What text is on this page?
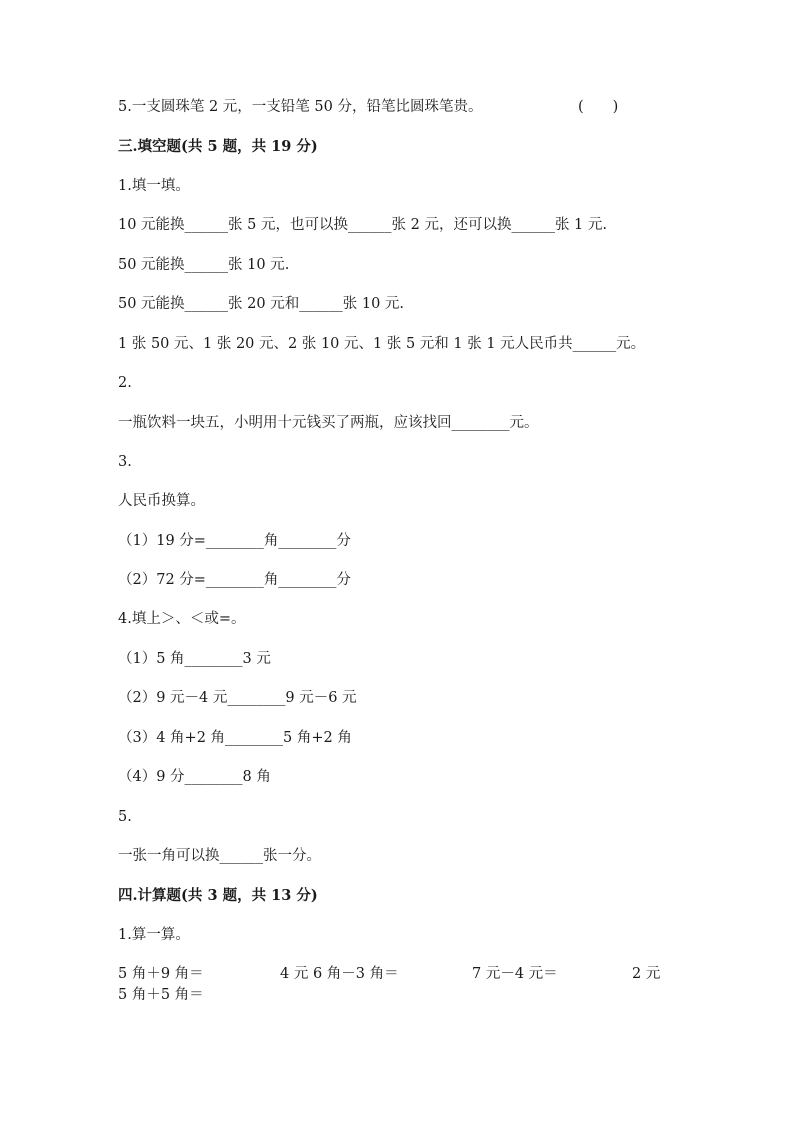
5.一支圆珠笔 2 元，一支铅笔 50 分，铅笔比圆珠笔贵。	(　　)
三.填空题(共 5 题，共 19 分)
1.填一填。
10 元能换______张 5 元，也可以换______张 2 元，还可以换______张 1 元.
50 元能换______张 10 元.
50 元能换______张 20 元和______张 10 元.
1 张 50 元、1 张 20 元、2 张 10 元、1 张 5 元和 1 张 1 元人民币共______元。
2.
一瓶饮料一块五，小明用十元钱买了两瓶，应该找回________元。
3.
人民币换算。
（1）19 分=________角________分
（2）72 分=________角________分
4.填上＞、＜或=。
（1）5 角________3 元
（2）9 元－4 元________9 元－6 元
（3）4 角+2 角________5 角+2 角
（4）9 分________8 角
5.
一张一角可以换______张一分。
四.计算题(共 3 题，共 13 分)
1.算一算。
5 角＋9 角＝	4 元 6 角－3 角＝	7 元－4 元＝	2 元
5 角＋5 角＝
